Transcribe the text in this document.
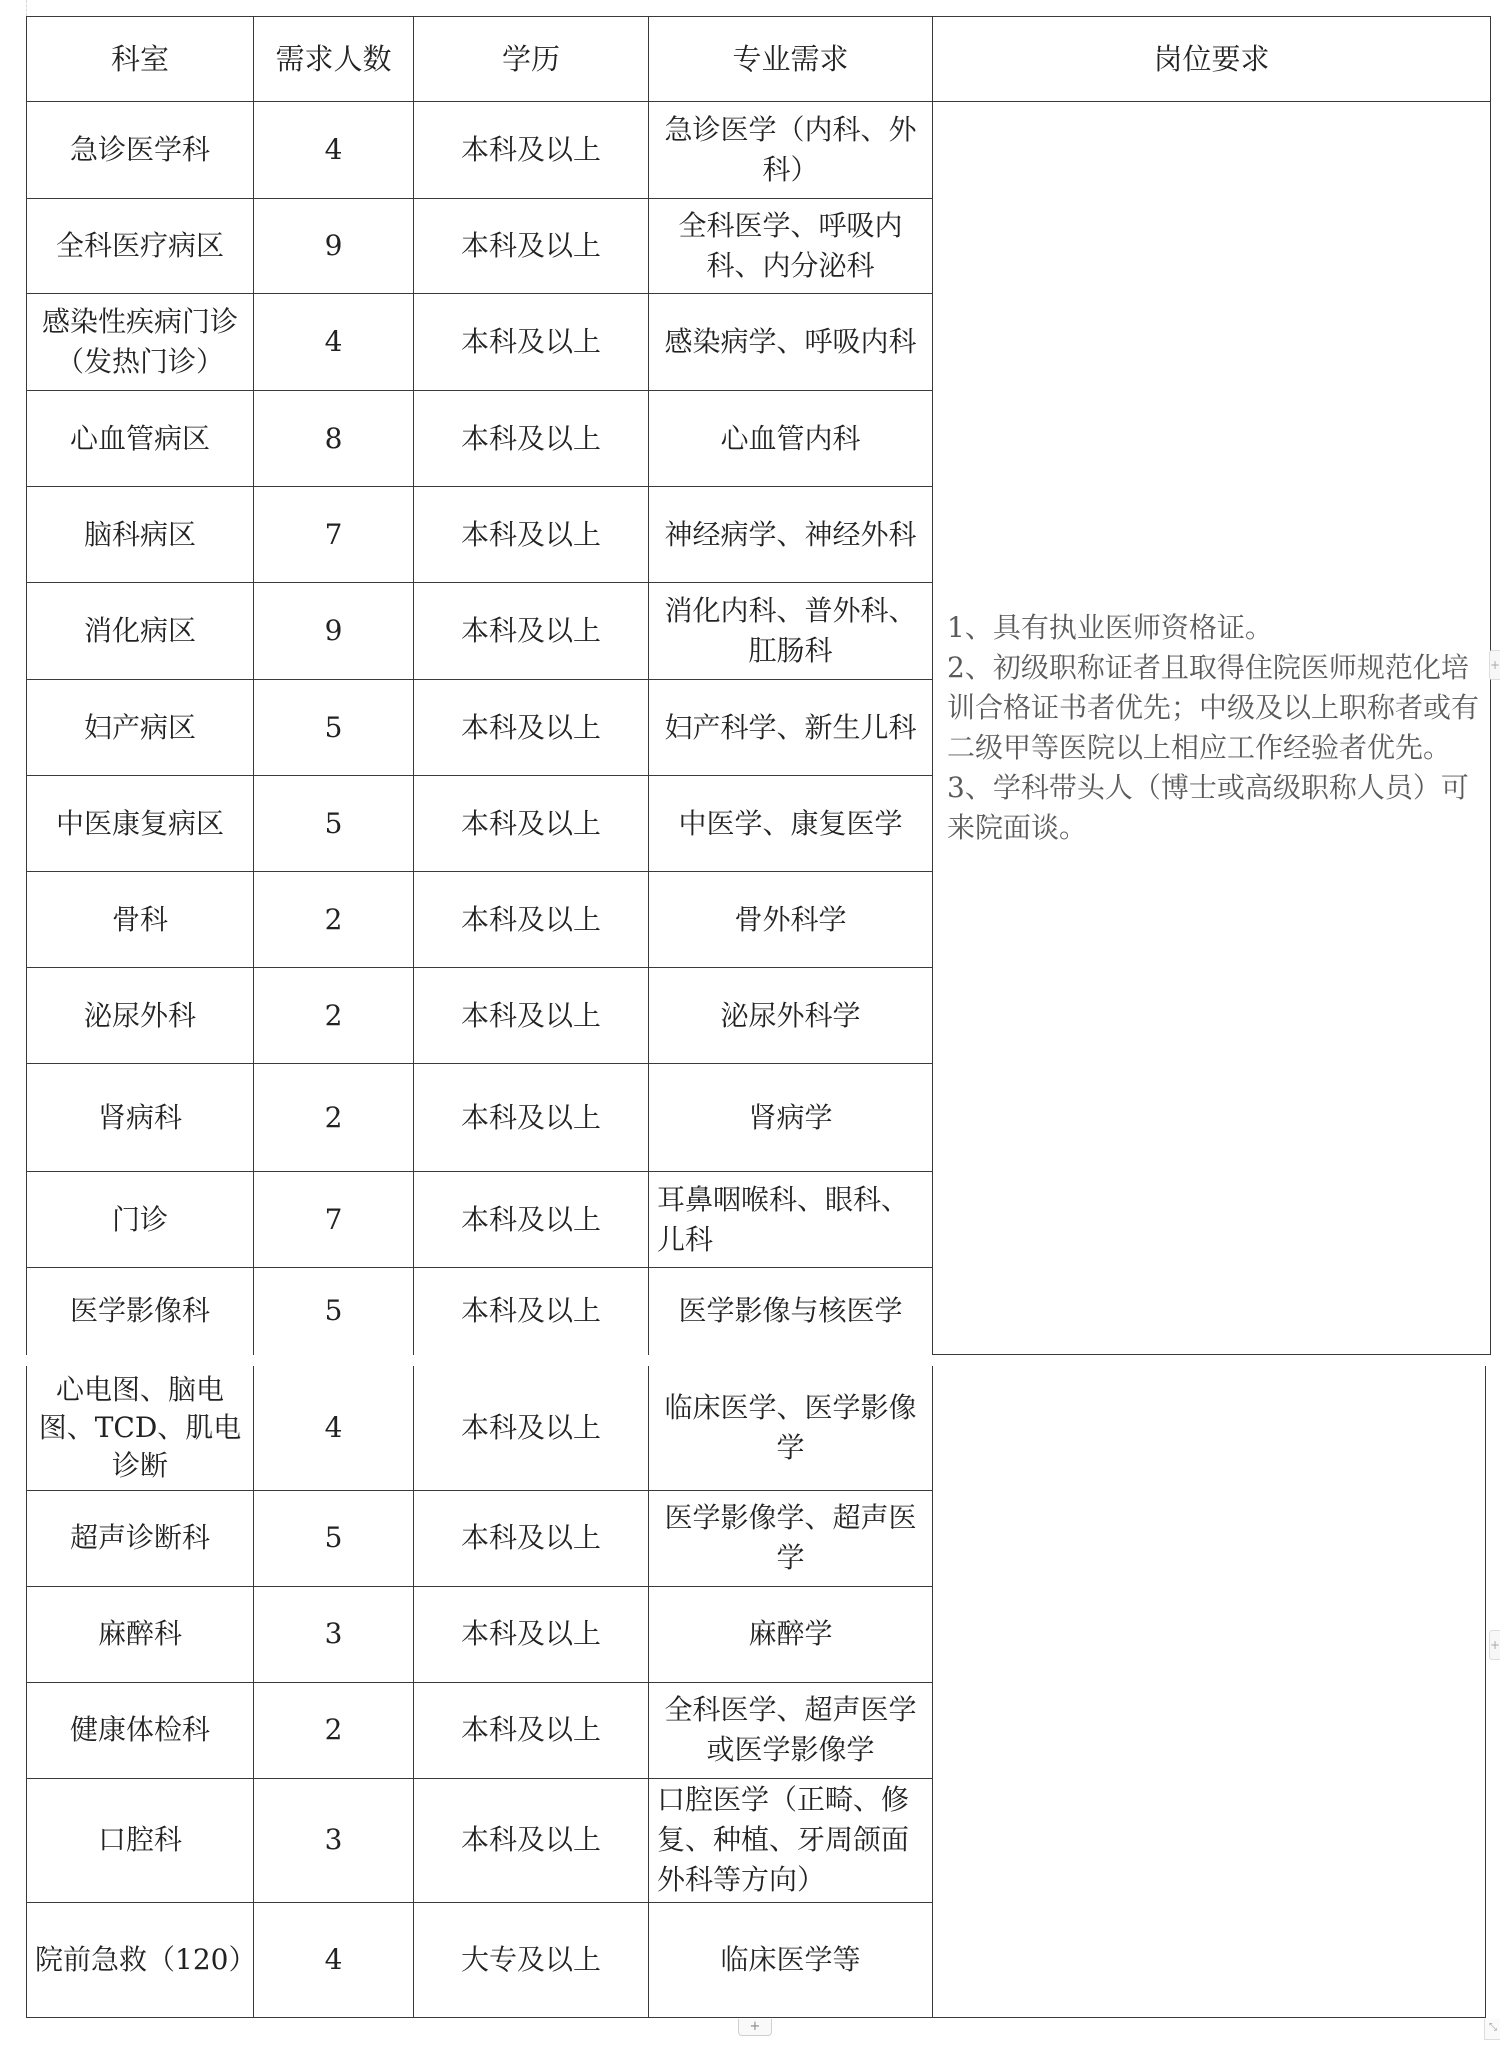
科室	需求人数	学历	专业需求	岗位要求
急诊医学科	4	本科及以上	急诊医学（内科、外科）	1、具有执业医师资格证。
2、初级职称证者且取得住院医师规范化培训合格证书者优先；中级及以上职称者或有二级甲等医院以上相应工作经验者优先。
3、学科带头人（博士或高级职称人员）可来院面谈。

全科医疗病区	9	本科及以上	全科医学、呼吸内科、内分泌科	
感染性疾病门诊（发热门诊）	4	本科及以上	感染病学、呼吸内科	
心血管病区	8	本科及以上	心血管内科	
脑科病区	7	本科及以上	神经病学、神经外科	
消化病区	9	本科及以上	消化内科、普外科、肛肠科	
妇产病区	5	本科及以上	妇产科学、新生儿科	
中医康复病区	5	本科及以上	中医学、康复医学	
骨科	2	本科及以上	骨外科学	
泌尿外科	2	本科及以上	泌尿外科学	
肾病科	2	本科及以上	肾病学	
门诊	7	本科及以上	耳鼻咽喉科、眼科、儿科	
医学影像科	5	本科及以上	医学影像与核医学	
心电图、脑电图、TCD、肌电诊断	4	本科及以上	临床医学、医学影像学	
超声诊断科	5	本科及以上	医学影像学、超声医学	
麻醉科	3	本科及以上	麻醉学	
健康体检科	2	本科及以上	全科医学、超声医学或医学影像学	
口腔科	3	本科及以上	口腔医学（正畸、修复、种植、牙周颌面外科等方向）	
院前急救（120）	4	大专及以上	临床医学等	
+
+
+	⤡
